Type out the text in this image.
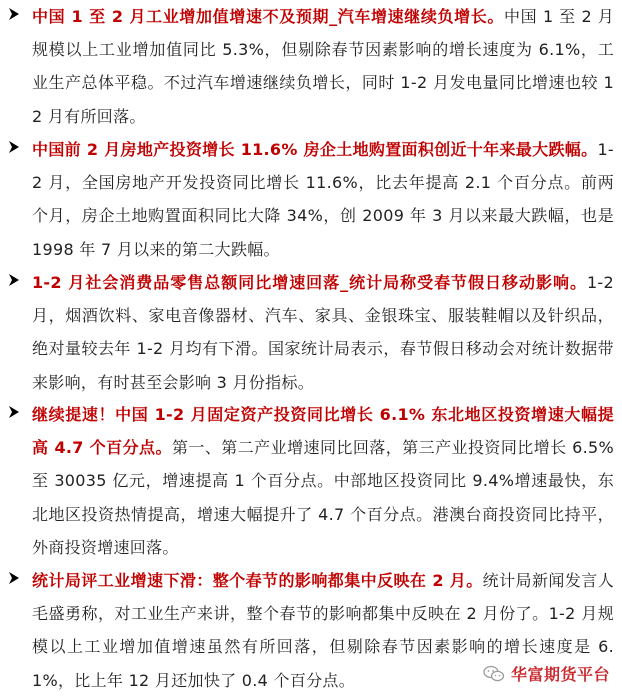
中国 1 至 2 月工业增加值增速不及预期_汽车增速继续负增长。中国 1 至 2 月规模以上工业增加值同比 5.3%，但剔除春节因素影响的增长速度为 6.1%，工业生产总体平稳。不过汽车增速继续负增长，同时 1-2 月发电量同比增速也较 12 月有所回落。
中国前 2 月房地产投资增长 11.6% 房企土地购置面积创近十年来最大跌幅。1-2 月，全国房地产开发投资同比增长 11.6%，比去年提高 2.1 个百分点。前两个月，房企土地购置面积同比大降 34%，创 2009 年 3 月以来最大跌幅，也是 1998 年 7 月以来的第二大跌幅。
1-2 月社会消费品零售总额同比增速回落_统计局称受春节假日移动影响。1-2 月，烟酒饮料、家电音像器材、汽车、家具、金银珠宝、服装鞋帽以及针织品，绝对量较去年 1-2 月均有下滑。国家统计局表示，春节假日移动会对统计数据带来影响，有时甚至会影响 3 月份指标。
继续提速！中国 1-2 月固定资产投资同比增长 6.1% 东北地区投资增速大幅提高 4.7 个百分点。第一、第二产业增速同比回落，第三产业投资同比增长 6.5%至 30035 亿元，增速提高 1 个百分点。中部地区投资同比 9.4%增速最快，东北地区投资热情提高，增速大幅提升了 4.7 个百分点。港澳台商投资同比持平，外商投资增速回落。
统计局评工业增速下滑：整个春节的影响都集中反映在 2 月。统计局新闻发言人毛盛勇称，对工业生产来讲，整个春节的影响都集中反映在 2 月份了。1-2 月规模以上工业增加值增速虽然有所回落，但剔除春节因素影响的增长速度是 6.1%，比上年 12 月还加快了 0.4 个百分点。	华富期货平台
